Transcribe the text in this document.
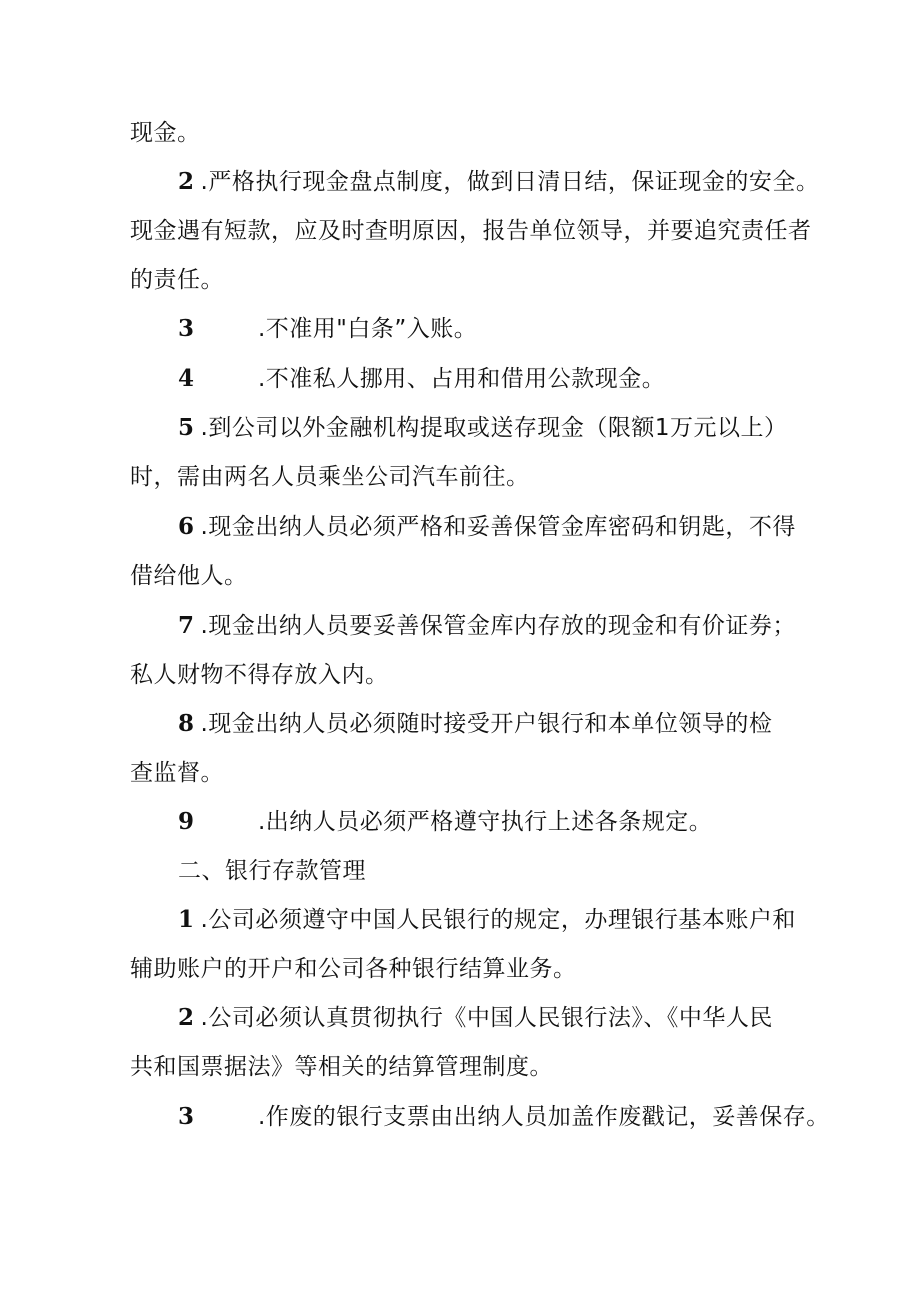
现金。
2 .严格执行现金盘点制度，做到日清日结，保证现金的安全。
现金遇有短款，应及时查明原因，报告单位领导，并要追究责任者
的责任。
3	.不准用"白条”入账。
4	.不准私人挪用、占用和借用公款现金。
5 .到公司以外金融机构提取或送存现金（限额1万元以上）
时，需由两名人员乘坐公司汽车前往。
6 .现金出纳人员必须严格和妥善保管金库密码和钥匙，不得
借给他人。
7 .现金出纳人员要妥善保管金库内存放的现金和有价证券；
私人财物不得存放入内。
8 .现金出纳人员必须随时接受开户银行和本单位领导的检
查监督。
9	.出纳人员必须严格遵守执行上述各条规定。
二、银行存款管理
1 .公司必须遵守中国人民银行的规定，办理银行基本账户和
辅助账户的开户和公司各种银行结算业务。
2 .公司必须认真贯彻执行《中国人民银行法》、《中华人民
共和国票据法》等相关的结算管理制度。
3	.作废的银行支票由出纳人员加盖作废戳记，妥善保存。
